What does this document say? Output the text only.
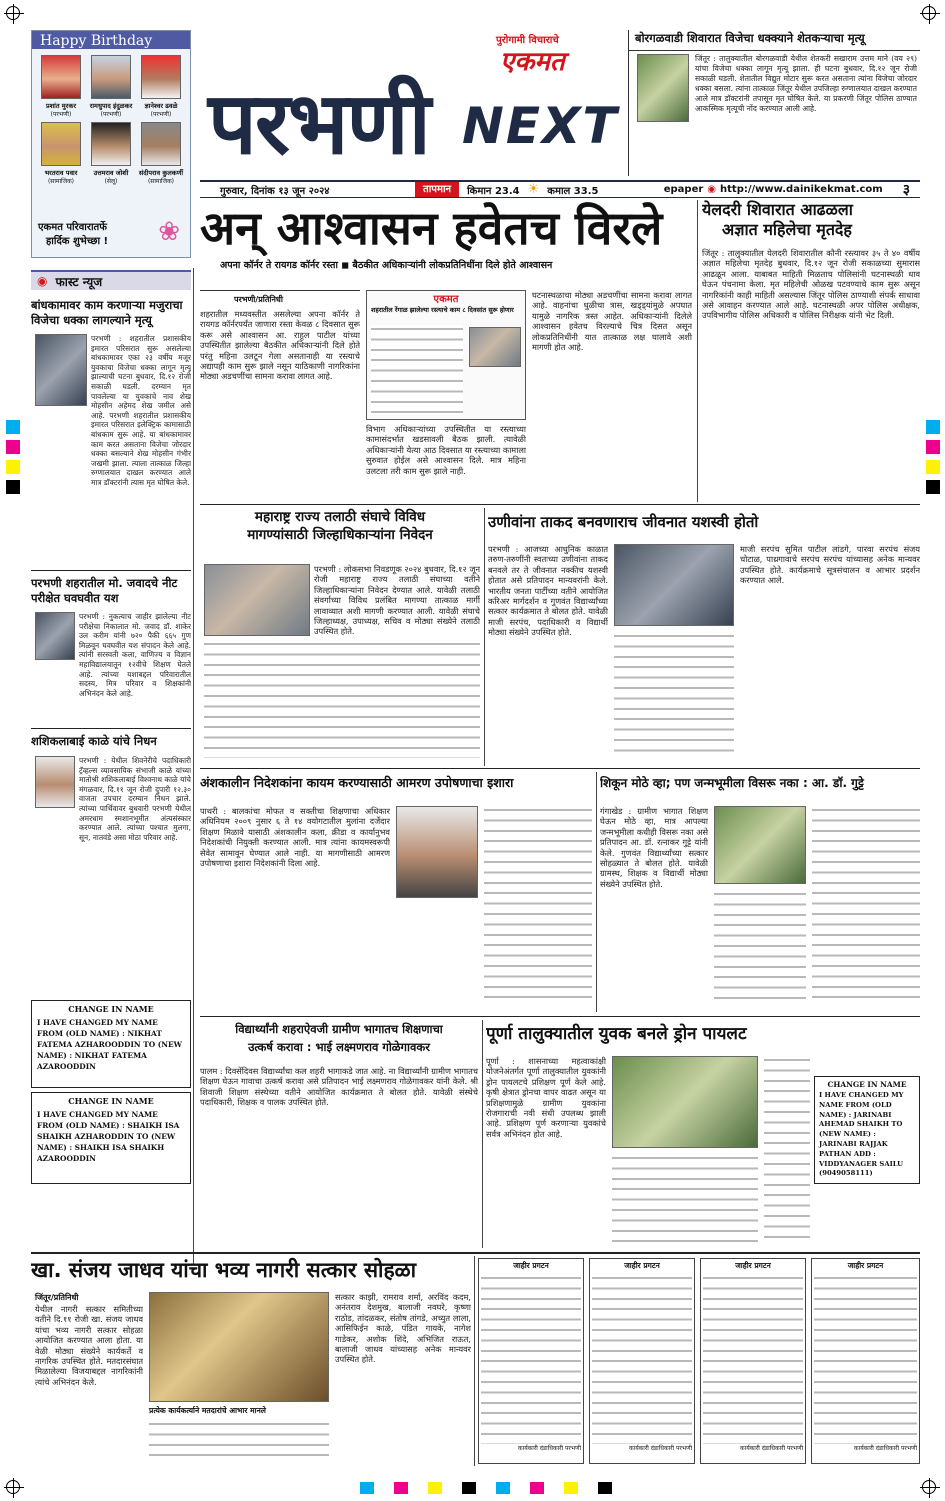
Happy Birthday
प्रशांत मुरकर
(परभणी)
रामधुपाद इंदुळकर
(परभणी)
ज्ञानेश्वर ढवळे
(परभणी)
भरतराव पवार
(सामाजिक)
उत्तमराव जोशी
(सेलू)
संदीपराव कुलकर्णी
(सामाजिक)
एकमत परिवारातर्फे
हार्दिक शुभेच्छा ! ❀
पुरोगामी विचाराचे
एकमत
परभणी NEXT
गुरुवार, दिनांक १३ जून २०२४	तापमान	किमान 23.4 ☀ कमाल 33.5	epaper ◉ http://www.dainikekmat.com	३
बोरगळवाडी शिवारात विजेचा धक्क्याने शेतकऱ्याचा मृत्यू
जिंतूर : तालुक्यातील बोरगळवाडी येथील शेतकरी सखाराम उत्तम माने (वय २९) यांचा विजेचा धक्का लागून मृत्यू झाला. ही घटना बुधवार, दि.१२ जून रोजी सकाळी घडली. शेतातील विद्युत मोटार सुरू करत असताना त्यांना विजेचा जोरदार धक्का बसला. त्यांना तात्काळ जिंतूर येथील उपजिल्हा रुग्णालयात दाखल करण्यात आले मात्र डॉक्टरांनी तपासून मृत घोषित केले. या प्रकरणी जिंतूर पोलिस ठाण्यात आकस्मिक मृत्यूची नोंद करण्यात आली आहे.
◉ फास्ट न्यूज
बांधकामावर काम करणाऱ्या मजुराचा विजेचा धक्का लागल्याने मृत्यू
परभणी : शहरातील प्रशासकीय इमारत परिसरात सुरू असलेल्या बांधकामावर एका २३ वर्षीय मजूर युवकाचा विजेचा धक्का लागून मृत्यू झाल्याची घटना बुधवार, दि.१२ रोजी सकाळी घडली. दरम्यान मृत पावलेल्या या युवकाचे नाव शेख मोहसीन अहेमद शेख जमील असे आहे. परभणी शहरातील प्रशासकीय इमारत परिसरात इलेक्ट्रिक कामासाठी बांधकाम सुरू आहे. या बांधकामावर काम करत असताना विजेचा जोरदार धक्का बसल्याने शेख मोहसीन गंभीर जखमी झाला. त्याला तात्काळ जिल्हा रुग्णालयात दाखल करण्यात आले मात्र डॉक्टरांनी त्यास मृत घोषित केले.
परभणी शहरातील मो. जवादचे नीट परीक्षेत घवघवीत यश
परभणी : नुकत्याच जाहीर झालेल्या नीट परीक्षेचा निकालात मो. जवाद डॉ. शाकेर उल करीम यांनी ७२० पैकी ६६५ गुण मिळवून घवघवीत यश संपादन केले आहे. त्यांनी सरस्वती कला, वाणिज्य व विज्ञान महाविद्यालयातून १२वीचे शिक्षण घेतले आहे. त्यांच्या यशाबद्दल परिवारातील सदस्य, मित्र परिवार व शिक्षकांनी अभिनंदन केले आहे.
शशिकलाबाई काळे यांचे निधन
परभणी : येथील शिवनेरीचे पदाधिकारी ट्रॅव्हल्स व्यावसायिक संभाजी काळे यांच्या मातोश्री शशिकलाबाई विश्वनाथ काळे यांचे मंगळवार, दि.११ जून रोजी दुपारी १२.३० वाजता उपचार दरम्यान निधन झाले. त्यांच्या पार्थिवावर बुधवारी परभणी येथील अमरधाम स्मशानभूमीत अंत्यसंस्कार करण्यात आले. त्यांच्या पश्चात मुलगा, सून, नातवंडे असा मोठा परिवार आहे.
CHANGE IN NAME
I HAVE CHANGED MY NAME FROM (OLD NAME) : NIKHAT FATEMA AZHAROODDIN TO (NEW NAME) : NIKHAT FATEMA AZAROODDIN
CHANGE IN NAME
I HAVE CHANGED MY NAME FROM (OLD NAME) : SHAIKH ISA SHAIKH AZHARODDIN TO (NEW NAME) : SHAIKH ISA SHAIKH AZAROODDIN
अन् आश्वासन हवेतच विरले
अपना कॉर्नर ते रायगड कॉर्नर रस्ता ◼ बैठकीत अधिकाऱ्यांनी लोकप्रतिनिधींना दिले होते आश्वासन
परभणी/प्रतिनिधी
शहरातील मध्यवस्तीत असलेल्या अपना कॉर्नर ते रायगड कॉर्नरपर्यंत जाणारा रस्ता केवळ ८ दिवसात सुरू करू असे आश्वासन आ. राहुल पाटील यांच्या उपस्थितीत झालेल्या बैठकीत अधिकाऱ्यांनी दिले होते परंतु महिना उलटून गेला असतानाही या रस्त्याचे अद्यापही काम सुरू झाले नसून याठिकाणी नागरिकांना मोठ्या अडचणींचा सामना करावा लागत आहे.
एकमत
शहरातील रेंगाळ झालेल्या रस्त्याचे काम ८ दिवसांत सुरू होणार
विभाग अधिकाऱ्यांच्या उपस्थितीत या रस्त्याच्या कामासंदर्भात खडसावली बैठक झाली. त्यावेळी अधिकाऱ्यांनी येत्या आठ दिवसात या रस्त्याच्या कामाला सुरुवात होईल असे आश्वासन दिले. मात्र महिना उलटला तरी काम सुरू झाले नाही.
घटनास्थळाचा मोठ्या अडचणींचा सामना करावा लागत आहे. वाहनांचा धुळीचा त्रास, खड्ड्यांमुळे अपघात यामुळे नागरिक त्रस्त आहेत. अधिकाऱ्यांनी दिलेले आश्वासन हवेतच विरल्याचे चित्र दिसत असून लोकप्रतिनिधींनी यात तात्काळ लक्ष घालावे अशी मागणी होत आहे.
येलदरी शिवारात आढळला
अज्ञात महिलेचा मृतदेह
जिंतूर : तालुक्यातील येलदरी शिवारातील कौनी रस्त्यावर ३५ ते ४० वर्षीय अज्ञात महिलेचा मृतदेह बुधवार, दि.१२ जून रोजी सकाळच्या सुमारास आढळून आला. याबाबत माहिती मिळताच पोलिसांनी घटनास्थळी धाव घेऊन पंचनामा केला. मृत महिलेची ओळख पटवण्याचे काम सुरू असून नागरिकांनी काही माहिती असल्यास जिंतूर पोलिस ठाण्याशी संपर्क साधावा असे आवाहन करण्यात आले आहे. घटनास्थळी अपर पोलिस अधीक्षक, उपविभागीय पोलिस अधिकारी व पोलिस निरीक्षक यांनी भेट दिली.
महाराष्ट्र राज्य तलाठी संघाचे विविध
मागण्यांसाठी जिल्हाधिकाऱ्यांना निवेदन
परभणी : लोकसभा निवडणूक २०२४ बुधवार, दि.१२ जून रोजी महाराष्ट्र राज्य तलाठी संघाच्या वतीने जिल्हाधिकाऱ्यांना निवेदन देण्यात आले. यावेळी तलाठी संवर्गाच्या विविध प्रलंबित मागण्या तात्काळ मार्गी लावाव्यात अशी मागणी करण्यात आली. यावेळी संघाचे जिल्हाध्यक्ष, उपाध्यक्ष, सचिव व मोठ्या संख्येने तलाठी उपस्थित होते.
उणीवांना ताकद बनवणाराच जीवनात यशस्वी होतो
परभणी : आजच्या आधुनिक काळात तरुण-तरुणींनी स्वतःच्या उणीवांना ताकद बनवले तर ते जीवनात नक्कीच यशस्वी होतात असे प्रतिपादन मान्यवरांनी केले. भारतीय जनता पार्टीच्या वतीने आयोजित करिअर मार्गदर्शन व गुणवंत विद्यार्थ्यांच्या सत्कार कार्यक्रमात ते बोलत होते. यावेळी माजी सरपंच, पदाधिकारी व विद्यार्थी मोठ्या संख्येने उपस्थित होते.
माजी सरपंच सुमित पाटील लांडगे, पारवा सरपंच संजय चोटाळ, पाथ्रगावाचे सरपंच सरपंच यांच्यासह अनेक मान्यवर उपस्थित होते. कार्यक्रमाचे सूत्रसंचालन व आभार प्रदर्शन करण्यात आले.
अंशकालीन निदेशकांना कायम करण्यासाठी आमरण उपोषणाचा इशारा
पाथरी : बालकांचा मोफत व सक्तीचा शिक्षणाचा अधिकार अधिनियम २००९ नुसार ६ ते १४ वयोगटातील मुलांना दर्जेदार शिक्षण मिळावे यासाठी अंशकालीन कला, क्रीडा व कार्यानुभव निदेशकांची नियुक्ती करण्यात आली. मात्र त्यांना कायमस्वरूपी सेवेत सामावून घेण्यात आले नाही. या मागणीसाठी आमरण उपोषणाचा इशारा निदेशकांनी दिला आहे.
शिकून मोठे व्हा; पण जन्मभूमीला विसरू नका : आ. डॉ. गुट्टे
गंगाखेड : ग्रामीण भागात शिक्षण घेऊन मोठे व्हा, मात्र आपल्या जन्मभूमीला कधीही विसरू नका असे प्रतिपादन आ. डॉ. रत्नाकर गुट्टे यांनी केले. गुणवंत विद्यार्थ्यांच्या सत्कार सोहळ्यात ते बोलत होते. यावेळी ग्रामस्थ, शिक्षक व विद्यार्थी मोठ्या संख्येने उपस्थित होते.
विद्यार्थ्यांनी शहराऐवजी ग्रामीण भागातच शिक्षणाचा
उत्कर्ष करावा : भाई लक्ष्मणराव गोळेगावकर
पालम : दिवसेंदिवस विद्यार्थ्यांचा कल शहरी भागाकडे जात आहे. ना विद्यार्थ्यांनी ग्रामीण भागातच शिक्षण घेऊन गावाचा उत्कर्ष करावा असे प्रतिपादन भाई लक्ष्मणराव गोळेगावकर यांनी केले. श्री शिवाजी शिक्षण संस्थेच्या वतीने आयोजित कार्यक्रमात ते बोलत होते. यावेळी संस्थेचे पदाधिकारी, शिक्षक व पालक उपस्थित होते.
पूर्णा तालुक्यातील युवक बनले ड्रोन पायलट
पूर्णा : शासनाच्या महत्वाकांक्षी योजनेअंतर्गत पूर्णा तालुक्यातील युवकांनी ड्रोन पायलटचे प्रशिक्षण पूर्ण केले आहे. कृषी क्षेत्रात ड्रोनचा वापर वाढत असून या प्रशिक्षणामुळे ग्रामीण युवकांना रोजगाराची नवी संधी उपलब्ध झाली आहे. प्रशिक्षण पूर्ण करणाऱ्या युवकांचे सर्वत्र अभिनंदन होत आहे.
CHANGE IN NAME
I HAVE CHANGED MY NAME FROM (OLD NAME) : JARINABI AHEMAD SHAIKH TO (NEW NAME) : JARINABI RAJJAK PATHAN ADD : VIDDYANAGER SAILU (9049058111)
खा. संजय जाधव यांचा भव्य नागरी सत्कार सोहळा
जिंतूर/प्रतिनिधी
येथील नागरी सत्कार समितीच्या वतीने दि.११ रोजी खा. संजय जाधव यांचा भव्य नागरी सत्कार सोहळा आयोजित करण्यात आला होता. या वेळी मोठ्या संख्येने कार्यकर्ते व नागरिक उपस्थित होते. मतदारसंघात मिळालेल्या विजयाबद्दल नागरिकांनी त्यांचे अभिनंदन केले.
प्रत्येक कार्यकर्त्याने मतदारांचे आभार मानले
सत्कार काझी, रामराव शर्मा, अरविंद कदम, अनंतराव देशमुख, बालाजी नवघरे, कृष्णा राठोड, तांदळकर, संतोष तांगडे, अच्युत लाला, आसिफिईन काळे, पंडित गायके, नागेश गाडेकर, अशोक शिंदे, अभिजित राऊत, बालाजी जाधव यांच्यासह अनेक मान्यवर उपस्थित होते.
जाहीर प्रगटन
कार्यकारी दंडाधिकारी परभणी
जाहीर प्रगटन
कार्यकारी दंडाधिकारी परभणी
जाहीर प्रगटन
कार्यकारी दंडाधिकारी परभणी
जाहीर प्रगटन
कार्यकारी दंडाधिकारी परभणी
